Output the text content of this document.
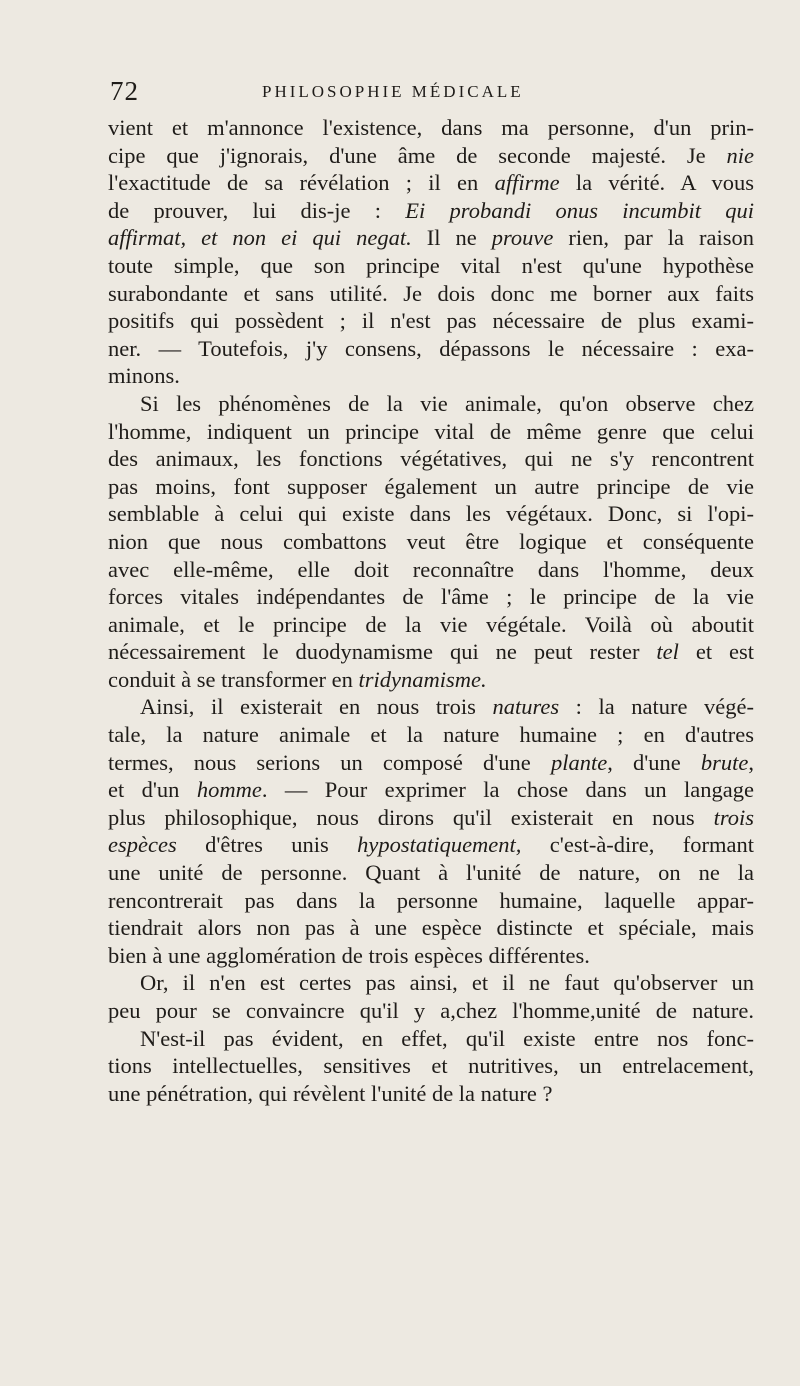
72	PHILOSOPHIE MÉDICALE
vient et m'annonce l'existence, dans ma personne, d'un prin-
cipe que j'ignorais, d'une âme de seconde majesté. Je nie
l'exactitude de sa révélation ; il en affirme la vérité. A vous
de prouver, lui dis-je : Ei probandi onus incumbit qui
affirmat, et non ei qui negat. Il ne prouve rien, par la raison
toute simple, que son principe vital n'est qu'une hypothèse
surabondante et sans utilité. Je dois donc me borner aux faits
positifs qui possèdent ; il n'est pas nécessaire de plus exami-
ner. — Toutefois, j'y consens, dépassons le nécessaire : exa-
minons.
Si les phénomènes de la vie animale, qu'on observe chez
l'homme, indiquent un principe vital de même genre que celui
des animaux, les fonctions végétatives, qui ne s'y rencontrent
pas moins, font supposer également un autre principe de vie
semblable à celui qui existe dans les végétaux. Donc, si l'opi-
nion que nous combattons veut être logique et conséquente
avec elle-même, elle doit reconnaître dans l'homme, deux
forces vitales indépendantes de l'âme ; le principe de la vie
animale, et le principe de la vie végétale. Voilà où aboutit
nécessairement le duodynamisme qui ne peut rester tel et est
conduit à se transformer en tridynamisme.
Ainsi, il existerait en nous trois natures : la nature végé-
tale, la nature animale et la nature humaine ; en d'autres
termes, nous serions un composé d'une plante, d'une brute,
et d'un homme. — Pour exprimer la chose dans un langage
plus philosophique, nous dirons qu'il existerait en nous trois
espèces d'êtres unis hypostatiquement, c'est-à-dire, formant
une unité de personne. Quant à l'unité de nature, on ne la
rencontrerait pas dans la personne humaine, laquelle appar-
tiendrait alors non pas à une espèce distincte et spéciale, mais
bien à une agglomération de trois espèces différentes.
Or, il n'en est certes pas ainsi, et il ne faut qu'observer un
peu pour se convaincre qu'il y a,chez l'homme,unité de nature.
N'est-il pas évident, en effet, qu'il existe entre nos fonc-
tions intellectuelles, sensitives et nutritives, un entrelacement,
une pénétration, qui révèlent l'unité de la nature ?
